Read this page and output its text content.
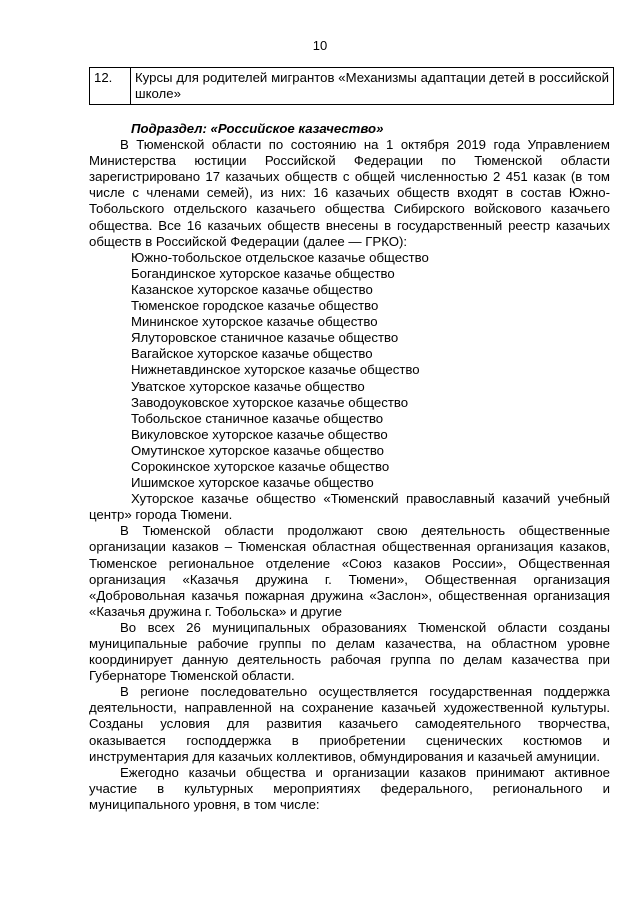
10
12.	Курсы для родителей мигрантов «Механизмы адаптации детей в российской школе»

Подраздел: «Российское казачество»

В Тюменской области по состоянию на 1 октября 2019 года Управлением Министерства юстиции Российской Федерации по Тюменской области зарегистрировано 17 казачьих обществ с общей численностью 2 451 казак (в том числе с членами семей), из них: 16 казачьих обществ входят в состав Южно-Тобольского отдельского казачьего общества Сибирского войскового казачьего общества. Все 16 казачьих обществ внесены в государственный реестр казачьих обществ в Российской Федерации (далее — ГРКО):

Южно-тобольское отдельское казачье общество

Богандинское хуторское казачье общество

Казанское хуторское казачье общество

Тюменское городское казачье общество

Мининское хуторское казачье общество

Ялуторовское станичное казачье общество

Вагайское хуторское казачье общество

Нижнетавдинское хуторское казачье общество

Уватское хуторское казачье общество

Заводоуковское хуторское казачье общество

Тобольское станичное казачье общество

Викуловское хуторское казачье общество

Омутинское хуторское казачье общество

Сорокинское хуторское казачье общество

Ишимское хуторское казачье общество

Хуторское казачье общество «Тюменский православный казачий учебный центр» города Тюмени.

В Тюменской области продолжают свою деятельность общественные организации казаков – Тюменская областная общественная организация казаков, Тюменское региональное отделение «Союз казаков России», Общественная организация «Казачья дружина г. Тюмени», Общественная организация «Добровольная казачья пожарная дружина «Заслон», общественная организация «Казачья дружина г. Тобольска» и другие

Во всех 26 муниципальных образованиях Тюменской области созданы муниципальные рабочие группы по делам казачества, на областном уровне координирует данную деятельность рабочая группа по делам казачества при Губернаторе Тюменской области.

В регионе последовательно осуществляется государственная поддержка деятельности, направленной на сохранение казачьей художественной культуры. Созданы условия для развития казачьего самодеятельного творчества, оказывается господдержка в приобретении сценических костюмов и инструментария для казачьих коллективов, обмундирования и казачьей амуниции.

Ежегодно казачьи общества и организации казаков принимают активное участие в культурных мероприятиях федерального, регионального и муниципального уровня, в том числе:
